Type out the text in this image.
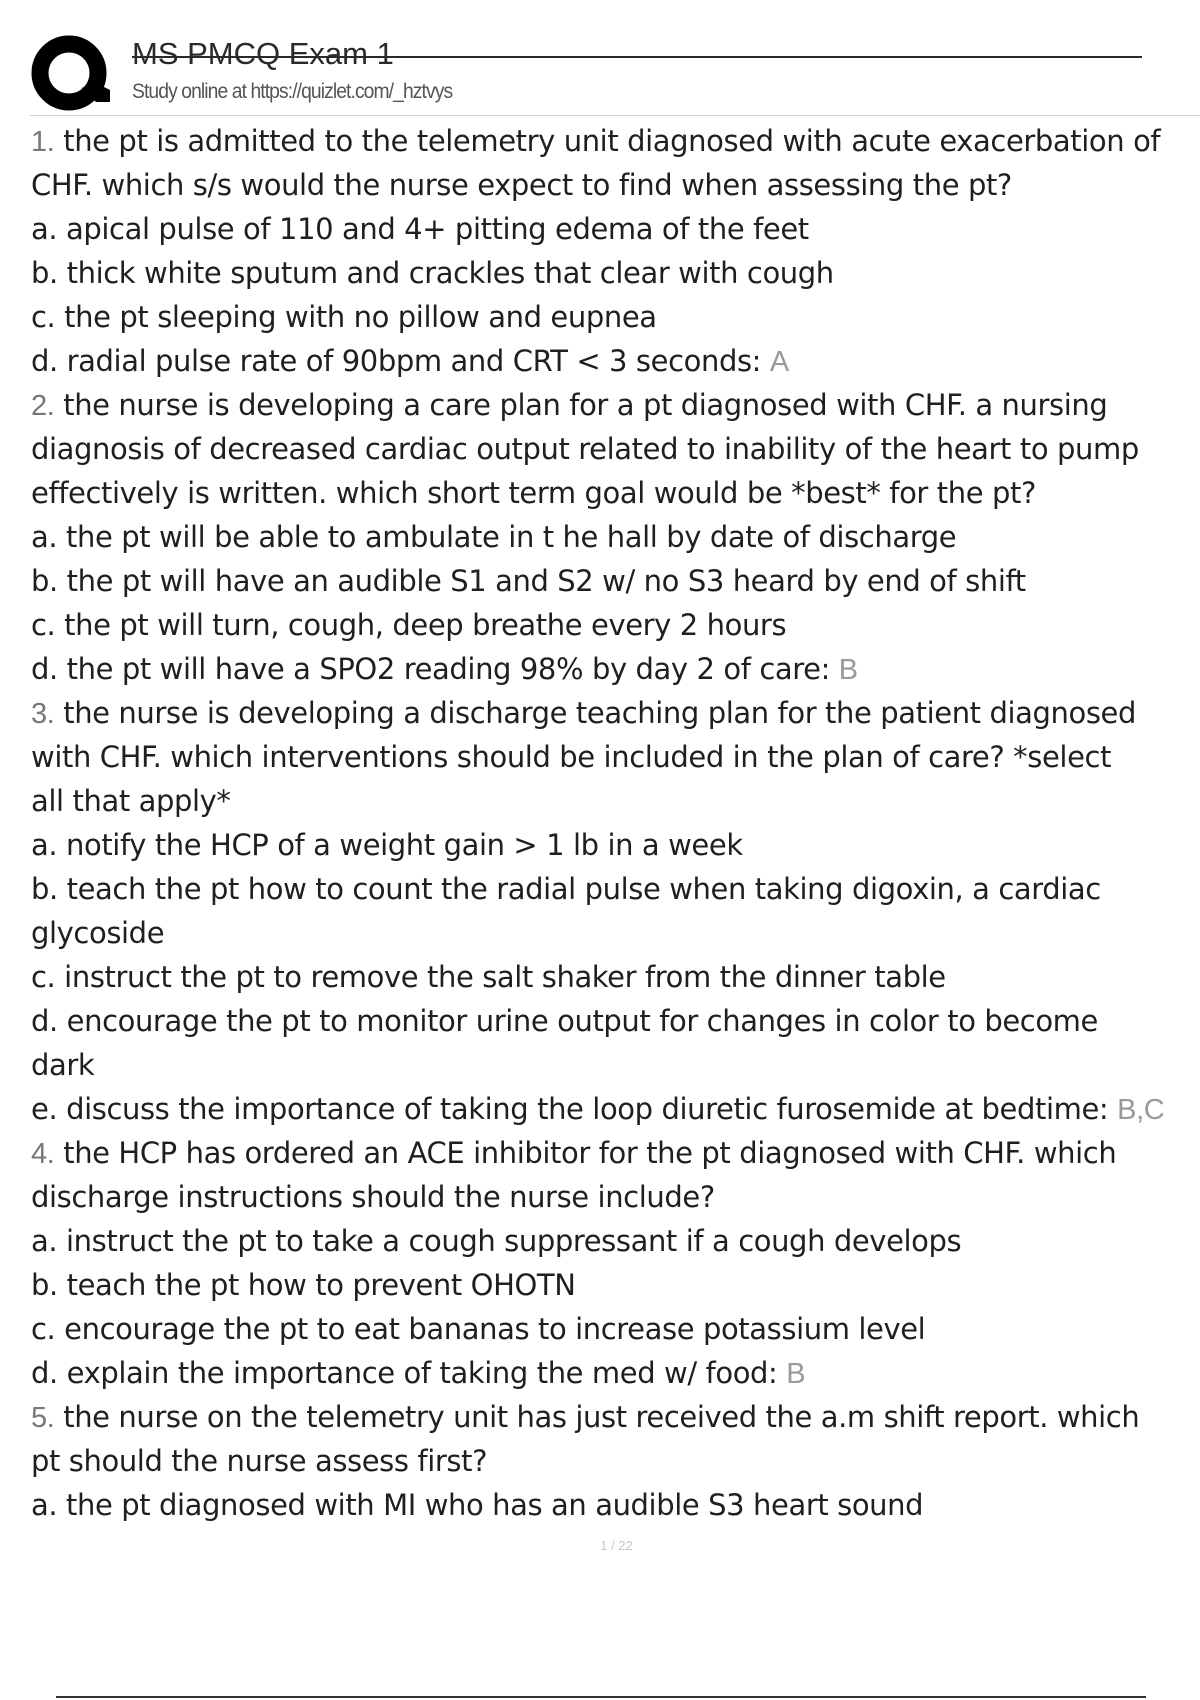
MS PMCQ Exam 1
Study online at https://quizlet.com/_hztvys
1. the pt is admitted to the telemetry unit diagnosed with acute exacerbation of
CHF. which s/s would the nurse expect to find when assessing the pt?
a. apical pulse of 110 and 4+ pitting edema of the feet
b. thick white sputum and crackles that clear with cough
c. the pt sleeping with no pillow and eupnea
d. radial pulse rate of 90bpm and CRT < 3 seconds: A
2. the nurse is developing a care plan for a pt diagnosed with CHF. a nursing
diagnosis of decreased cardiac output related to inability of the heart to pump
effectively is written. which short term goal would be *best* for the pt?
a. the pt will be able to ambulate in t he hall by date of discharge
b. the pt will have an audible S1 and S2 w/ no S3 heard by end of shift
c. the pt will turn, cough, deep breathe every 2 hours
d. the pt will have a SPO2 reading 98% by day 2 of care: B
3. the nurse is developing a discharge teaching plan for the patient diagnosed
with CHF. which interventions should be included in the plan of care? *select
all that apply*
a. notify the HCP of a weight gain > 1 lb in a week
b. teach the pt how to count the radial pulse when taking digoxin, a cardiac
glycoside
c. instruct the pt to remove the salt shaker from the dinner table
d. encourage the pt to monitor urine output for changes in color to become
dark
e. discuss the importance of taking the loop diuretic furosemide at bedtime: B,C
4. the HCP has ordered an ACE inhibitor for the pt diagnosed with CHF. which
discharge instructions should the nurse include?
a. instruct the pt to take a cough suppressant if a cough develops
b. teach the pt how to prevent OHOTN
c. encourage the pt to eat bananas to increase potassium level
d. explain the importance of taking the med w/ food: B
5. the nurse on the telemetry unit has just received the a.m shift report. which
pt should the nurse assess first?
a. the pt diagnosed with MI who has an audible S3 heart sound
1 / 22
